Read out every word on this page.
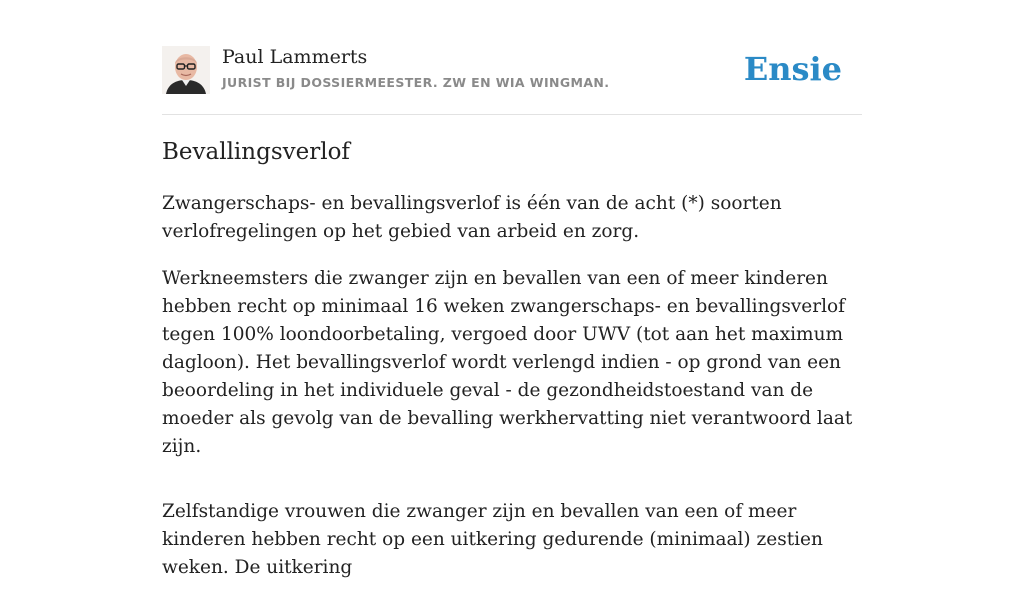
Paul Lammerts
JURIST BIJ DOSSIERMEESTER. ZW EN WIA WINGMAN.	Ensie
Bevallingsverlof

Zwangerschaps- en bevallingsverlof is één van de acht (*) soorten verlofregelingen op het gebied van arbeid en zorg.

Werkneemsters die zwanger zijn en bevallen van een of meer kinderen hebben recht op minimaal 16 weken zwangerschaps- en bevallingsverlof tegen 100% loondoorbetaling, vergoed door UWV (tot aan het maximum dagloon). Het bevallingsverlof wordt verlengd indien - op grond van een beoordeling in het individuele geval - de gezondheidstoestand van de moeder als gevolg van de bevalling werkhervatting niet verantwoord laat zijn.

Zelfstandige vrouwen die zwanger zijn en bevallen van een of meer kinderen hebben recht op een uitkering gedurende (minimaal) zestien weken. De uitkering
